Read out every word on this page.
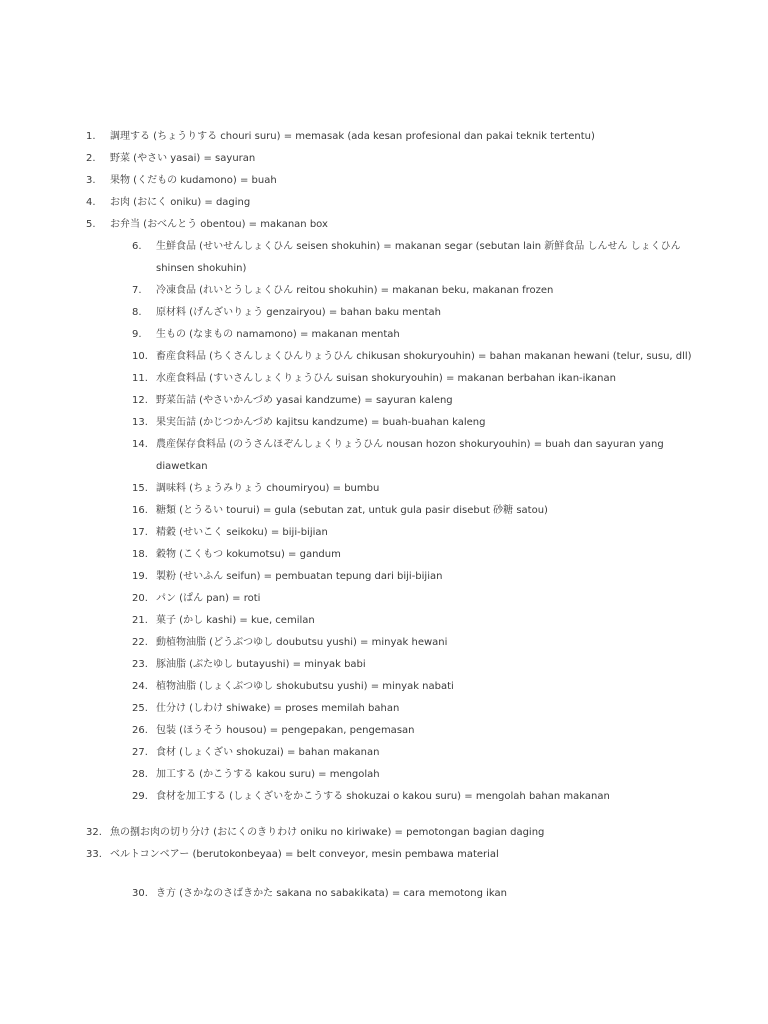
1. 調理する (ちょうりする chouri suru) = memasak (ada kesan profesional dan pakai teknik tertentu)
2. 野菜 (やさい yasai) = sayuran
3. 果物 (くだもの kudamono) = buah
4. お肉 (おにく oniku) = daging
5. お弁当 (おべんとう obentou) = makanan box
6. 生鮮食品 (せいせんしょくひん seisen shokuhin) = makanan segar (sebutan lain 新鮮食品 しんせん しょくひん
shinsen shokuhin)
7. 冷凍食品 (れいとうしょくひん reitou shokuhin) = makanan beku, makanan frozen
8. 原材料 (げんざいりょう genzairyou) = bahan baku mentah
9. 生もの (なまもの namamono) = makanan mentah
10. 畜産食料品 (ちくさんしょくひんりょうひん chikusan shokuryouhin) = bahan makanan hewani (telur, susu, dll)
11. 水産食料品 (すいさんしょくりょうひん suisan shokuryouhin) = makanan berbahan ikan-ikanan
12. 野菜缶詰 (やさいかんづめ yasai kandzume) = sayuran kaleng
13. 果実缶詰 (かじつかんづめ kajitsu kandzume) = buah-buahan kaleng
14. 農産保存食料品 (のうさんほぞんしょくりょうひん nousan hozon shokuryouhin) = buah dan sayuran yang
diawetkan
15. 調味料 (ちょうみりょう choumiryou) = bumbu
16. 糖類 (とうるい tourui) = gula (sebutan zat, untuk gula pasir disebut 砂糖 satou)
17. 精穀 (せいこく seikoku) = biji-bijian
18. 穀物 (こくもつ kokumotsu) = gandum
19. 製粉 (せいふん seifun) = pembuatan tepung dari biji-bijian
20. パン (ぱん pan) = roti
21. 菓子 (かし kashi) = kue, cemilan
22. 動植物油脂 (どうぶつゆし doubutsu yushi) = minyak hewani
23. 豚油脂 (ぶたゆし butayushi) = minyak babi
24. 植物油脂 (しょくぶつゆし shokubutsu yushi) = minyak nabati
25. 仕分け (しわけ shiwake) = proses memilah bahan
26. 包装 (ほうそう housou) = pengepakan, pengemasan
27. 食材 (しょくざい shokuzai) = bahan makanan
28. 加工する (かこうする kakou suru) = mengolah
29. 食材を加工する (しょくざいをかこうする shokuzai o kakou suru) = mengolah bahan makanan
32. 魚の捌お肉の切り分け (おにくのきりわけ oniku no kiriwake) = pemotongan bagian daging
33. ベルトコンベアー (berutokonbeyaa) = belt conveyor, mesin pembawa material
30. き方 (さかなのさばきかた sakana no sabakikata) = cara memotong ikan
